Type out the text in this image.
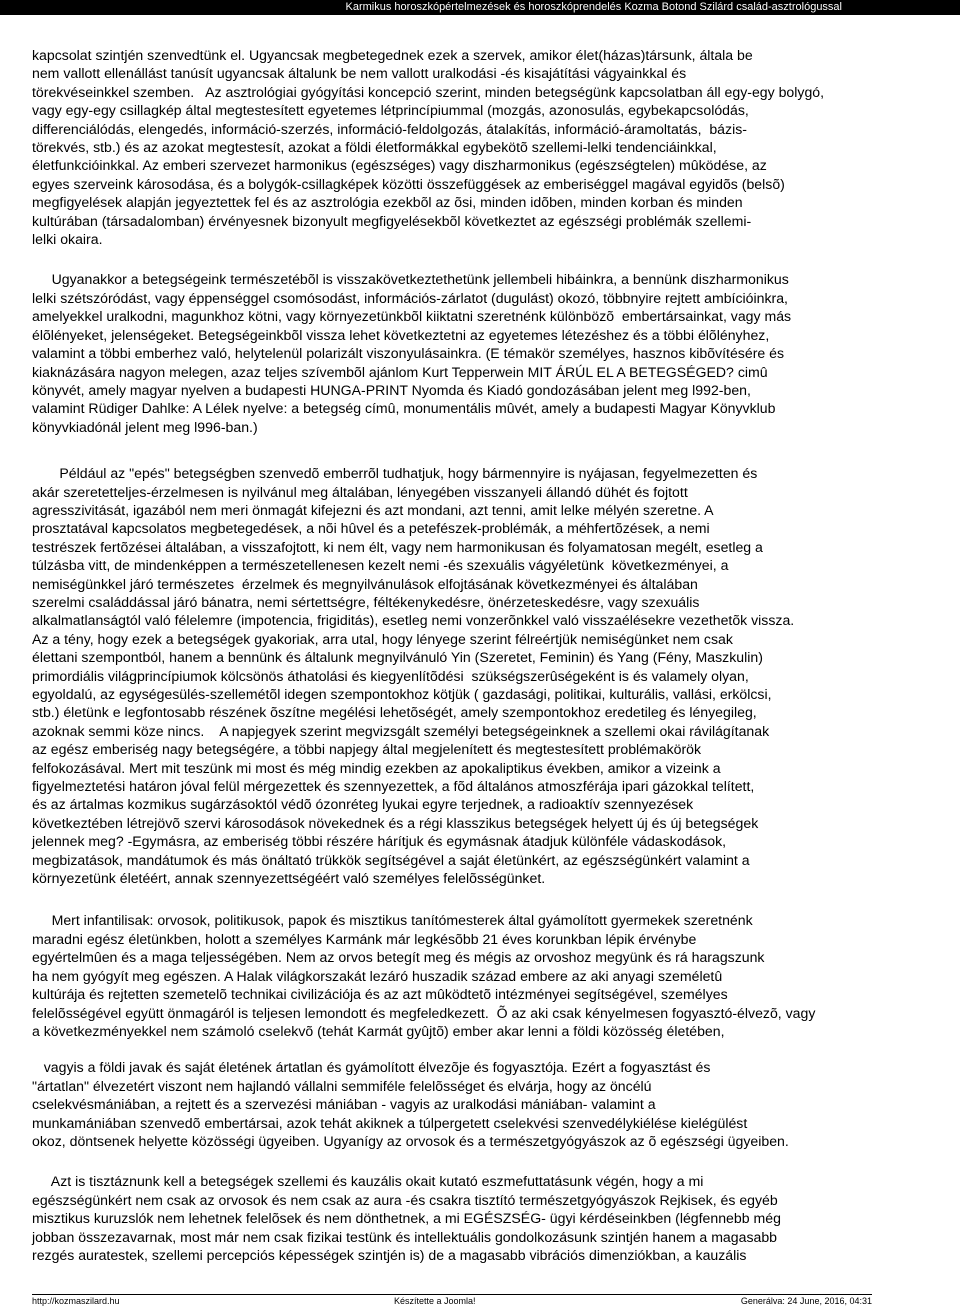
Karmikus horoszkópértelmezések és horoszkóprendelés Kozma Botond Szilárd család-asztrológussal

kapcsolat szintjén szenvedtünk el. Ugyancsak megbetegednek ezek a szervek, amikor élet(házas)társunk, általa be
nem vallott ellenállást tanúsít ugyancsak általunk be nem vallott uralkodási -és kisajátítási vágyainkkal és
törekvéseinkkel szemben.   Az asztrológiai gyógyítási koncepció szerint, minden betegségünk kapcsolatban áll egy-egy bolygó,
vagy egy-egy csillagkép által megtestesített egyetemes létprincípiummal (mozgás, azonosulás, egybekapcsolódás,
differenciálódás, elengedés, információ-szerzés, információ-feldolgozás, átalakítás, információ-áramoltatás,  bázis-
törekvés, stb.) és az azokat megtestesít, azokat a földi életformákkal egybekötõ szellemi-lelki tendenciáinkkal,
életfunkcióinkkal. Az emberi szervezet harmonikus (egészséges) vagy diszharmonikus (egészségtelen) mûködése, az
egyes szerveink károsodása, és a bolygók-csillagképek közötti összefüggések az emberiséggel magával egyidõs (belsõ)
megfigyelések alapján jegyeztettek fel és az asztrológia ezekbõl az õsi, minden idõben, minden korban és minden
kultúrában (társadalomban) érvényesnek bizonyult megfigyelésekbõl következtet az egészségi problémák szellemi-
lelki okaira.

Ugyanakkor a betegségeink természetébõl is visszakövetkeztethetünk jellembeli hibáinkra, a bennünk diszharmonikus
lelki szétszóródást, vagy éppenséggel csomósodást, információs-zárlatot (dugulást) okozó, többnyire rejtett ambícióinkra,
amelyekkel uralkodni, magunkhoz kötni, vagy környezetünkbõl kiiktatni szeretnénk különbözõ  embertársainkat, vagy más
élõlényeket, jelenségeket. Betegségeinkbõl vissza lehet következtetni az egyetemes létezéshez és a többi élõlényhez,
valamint a többi emberhez való, helytelenül polarizált viszonyulásainkra. (E témakör személyes, hasznos kibõvítésére és
kiaknázására nagyon melegen, azaz teljes szívembõl ajánlom Kurt Tepperwein MIT ÁRÚL EL A BETEGSÉGED? cimû
könyvét, amely magyar nyelven a budapesti HUNGA-PRINT Nyomda és Kiadó gondozásában jelent meg l992-ben,
valamint Rüdiger Dahlke: A Lélek nyelve: a betegség címû, monumentális mûvét, amely a budapesti Magyar Könyvklub
könyvkiadónál jelent meg l996-ban.)

Például az "epés" betegségben szenvedõ emberrõl tudhatjuk, hogy bármennyire is nyájasan, fegyelmezetten és
akár szeretetteljes-érzelmesen is nyilvánul meg általában, lényegében visszanyeli állandó dühét és fojtott
agresszivitását, igazából nem meri önmagát kifejezni és azt mondani, azt tenni, amit lelke mélyén szeretne. A
prosztatával kapcsolatos megbetegedések, a nõi hûvel és a petefészek-problémák, a méhfertõzések, a nemi
testrészek fertõzései általában, a visszafojtott, ki nem élt, vagy nem harmonikusan és folyamatosan megélt, esetleg a
túlzásba vitt, de mindenképpen a természetellenesen kezelt nemi -és szexuális vágyéletünk  következményei, a
nemiségünkkel járó természetes  érzelmek és megnyilvánulások elfojtásának következményei és általában
szerelmi családdással járó bánatra, nemi sértettségre, féltékenykedésre, önérzeteskedésre, vagy szexuális
alkalmatlanságtól való félelemre (impotencia, frigiditás), esetleg nemi vonzerõnkkel való visszaélésekre vezethetõk vissza.
Az a tény, hogy ezek a betegségek gyakoriak, arra utal, hogy lényege szerint félreértjük nemiségünket nem csak
élettani szempontból, hanem a bennünk és általunk megnyilvánuló Yin (Szeretet, Feminin) és Yang (Fény, Maszkulin)
primordiális világprincípiumok kölcsönös áthatolási és kiegyenlítõdési  szükségszerûségeként is és valamely olyan,
egyoldalú, az egységesülés-szellemétõl idegen szempontokhoz kötjük ( gazdasági, politikai, kulturális, vallási, erkölcsi,
stb.) életünk e legfontosabb részének õszítne megélési lehetõségét, amely szempontokhoz eredetileg és lényegileg,
azoknak semmi köze nincs.    A napjegyek szerint megvizsgált személyi betegségeinknek a szellemi okai rávilágítanak
az egész emberiség nagy betegségére, a többi napjegy által megjelenített és megtestesített problémakörök
felfokozásával. Mert mit teszünk mi most és még mindig ezekben az apokaliptikus években, amikor a vizeink a
figyelmeztetési határon jóval felül mérgezettek és szennyezettek, a fõd általános atmoszférája ipari gázokkal telített,
és az ártalmas kozmikus sugárzásoktól védõ ózonréteg lyukai egyre terjednek, a radioaktív szennyezések
következtében létrejövõ szervi károsodások növekednek és a régi klasszikus betegségek helyett új és új betegségek
jelennek meg? -Egymásra, az emberiség többi részére hárítjuk és egymásnak átadjuk különféle vádaskodások,
megbizatások, mandátumok és más önáltató trükkök segítségével a saját életünkért, az egészségünkért valamint a
környezetünk életéért, annak szennyezettségéért való személyes felelõsségünket.

Mert infantilisak: orvosok, politikusok, papok és misztikus tanítómesterek által gyámolított gyermekek szeretnénk
maradni egész életünkben, holott a személyes Karmánk már legkésõbb 21 éves korunkban lépik érvénybe
egyértelmûen és a maga teljességében. Nem az orvos betegít meg és mégis az orvoshoz megyünk és rá haragszunk
ha nem gyógyít meg egészen. A Halak világkorszakát lezáró huszadik század embere az aki anyagi személetû
kultúrája és rejtetten szemetelõ technikai civilizációja és az azt mûködtetõ intézményei segítségével, személyes
felelõsségével együtt önmagáról is teljesen lemondott és megfeledkezett.  Õ az aki csak kényelmesen fogyasztó-élvezõ, vagy
a következményekkel nem számoló cselekvõ (tehát Karmát gyûjtõ) ember akar lenni a földi közösség életében,

vagyis a földi javak és saját életének ártatlan és gyámolított élvezõje és fogyasztója. Ezért a fogyasztást és
"ártatlan" élvezetért viszont nem hajlandó vállalni semmiféle felelõsséget és elvárja, hogy az öncélú
cselekvésmániában, a rejtett és a szervezési mániában - vagyis az uralkodási mániában- valamint a
munkamániában szenvedõ embertársai, azok tehát akiknek a túlpergetett cselekvési szenvedélykiélése kielégülést
okoz, döntsenek helyette közösségi ügyeiben. Ugyanígy az orvosok és a természetgyógyászok az õ egészségi ügyeiben.

Azt is tisztáznunk kell a betegségek szellemi és kauzális okait kutató eszmefuttatásunk végén, hogy a mi
egészségünkért nem csak az orvosok és nem csak az aura -és csakra tisztító természetgyógyászok Rejkisek, és egyéb
misztikus kuruzslók nem lehetnek felelõsek és nem dönthetnek, a mi EGÉSZSÉG- ügyi kérdéseinkben (légfennebb még
jobban összezavarnak, most már nem csak fizikai testünk és intellektuális gondolkozásunk szintjén hanem a magasabb
rezgés auratestek, szellemi percepciós képességek szintjén is) de a magasabb vibrációs dimenziókban, a kauzális

http://kozmaszilard.hu	Készítette a Joomla!	Generálva: 24 June, 2016, 04:31
